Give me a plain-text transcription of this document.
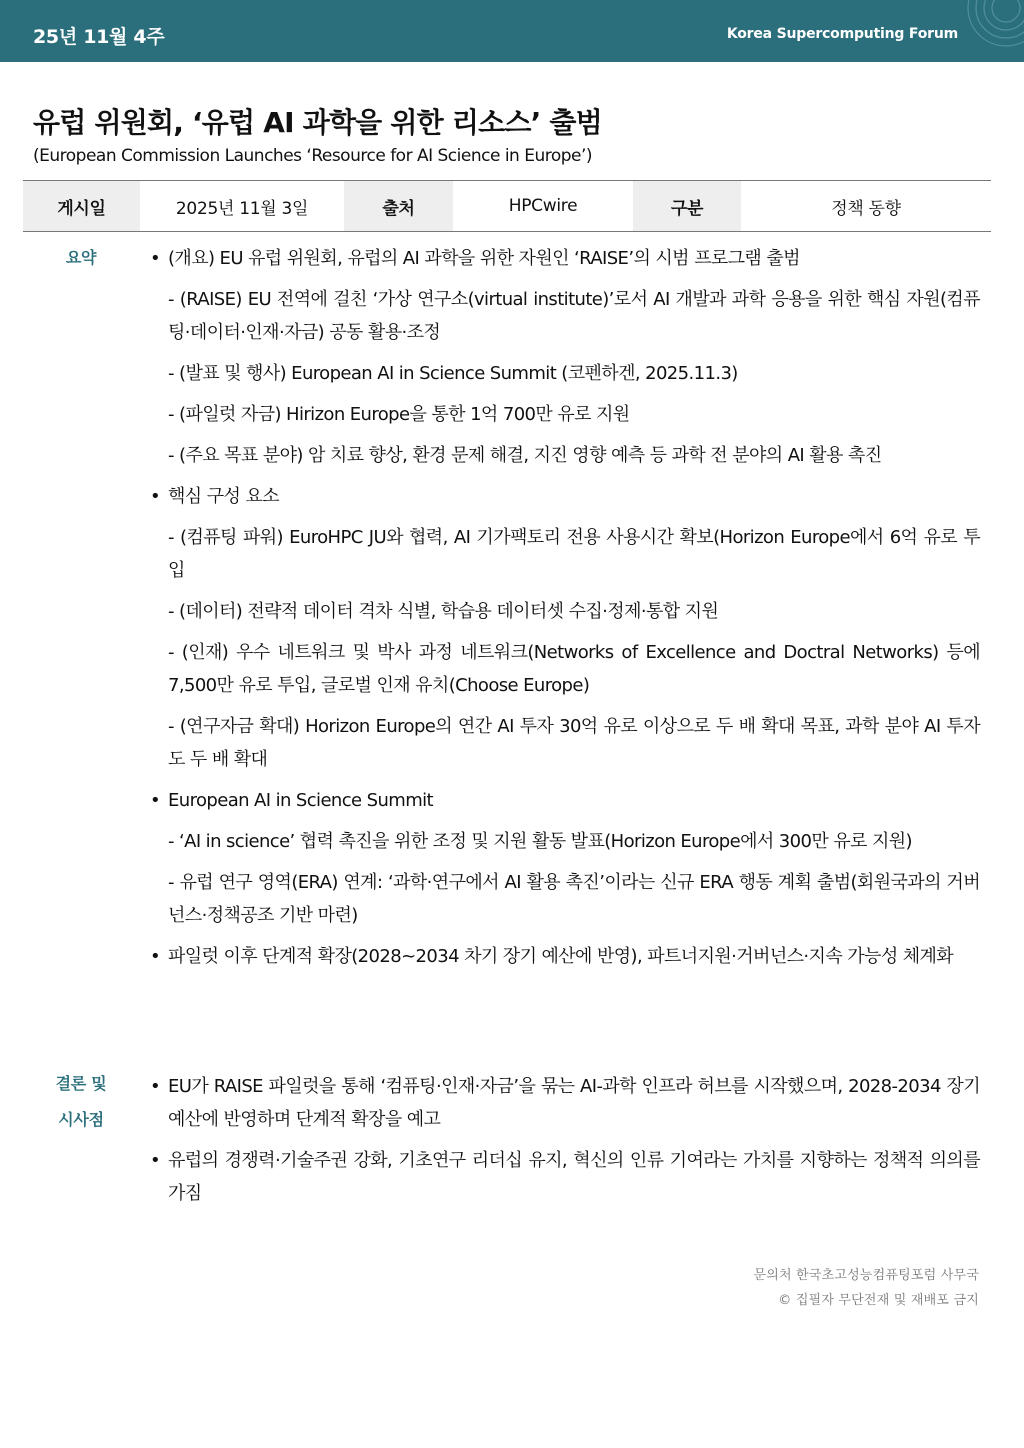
25년 11월 4주	Korea Supercomputing Forum
유럽 위원회, ‘유럽 AI 과학을 위한 리소스’ 출범
(European Commission Launches ‘Resource for AI Science in Europe’)
게시일	2025년 11월 3일	출처	HPCwire	구분	정책 동향
요약
•	(개요) EU 유럽 위원회, 유럽의 AI 과학을 위한 자원인 ‘RAISE’의 시범 프로그램 출범
- (RAISE) EU 전역에 걸친 ‘가상 연구소(virtual institute)’로서 AI 개발과 과학 응용을 위한 핵심 자원(컴퓨팅·데이터·인재·자금) 공동 활용·조정
- (발표 및 행사) European AI in Science Summit (코펜하겐, 2025.11.3)
- (파일럿 자금) Hirizon Europe을 통한 1억 700만 유로 지원
- (주요 목표 분야) 암 치료 향상, 환경 문제 해결, 지진 영향 예측 등 과학 전 분야의 AI 활용 촉진
• 핵심 구성 요소
- (컴퓨팅 파워) EuroHPC JU와 협력, AI 기가팩토리 전용 사용시간 확보(Horizon Europe에서 6억 유로 투입
- (데이터) 전략적 데이터 격차 식별, 학습용 데이터셋 수집·정제·통합 지원
- (인재) 우수 네트워크 및 박사 과정 네트워크(Networks of Excellence and Doctral Networks) 등에 7,500만 유로 투입, 글로벌 인재 유치(Choose Europe)
- (연구자금 확대) Horizon Europe의 연간 AI 투자 30억 유로 이상으로 두 배 확대 목표, 과학 분야 AI 투자도 두 배 확대
• European AI in Science Summit
- ‘AI in science’ 협력 촉진을 위한 조정 및 지원 활동 발표(Horizon Europe에서 300만 유로 지원)
- 유럽 연구 영역(ERA) 연계: ‘과학·연구에서 AI 활용 촉진’이라는 신규 ERA 행동 계획 출범(회원국과의 거버넌스·정책공조 기반 마련)
• 파일럿 이후 단계적 확장(2028~2034 차기 장기 예산에 반영), 파트너지원·거버넌스·지속 가능성 체계화
결론 및
시사점
• EU가 RAISE 파일럿을 통해 ‘컴퓨팅·인재·자금’을 묶는 AI-과학 인프라 허브를 시작했으며, 2028-2034 장기예산에 반영하며 단계적 확장을 예고
• 유럽의 경쟁력·기술주권 강화, 기초연구 리더십 유지, 혁신의 인류 기여라는 가치를 지향하는 정책적 의의를 가짐
문의처 한국초고성능컴퓨팅포럼 사무국
© 집필자 무단전재 및 재배포 금지
